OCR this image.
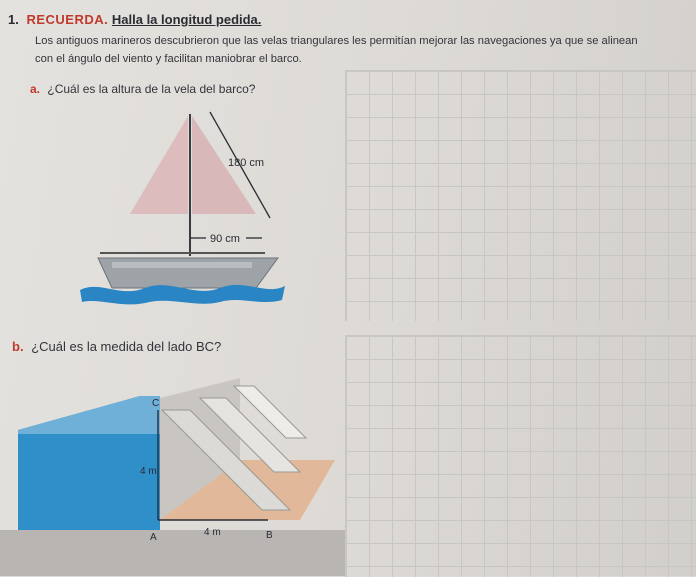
1. RECUERDA. Halla la longitud pedida.
Los antiguos marineros descubrieron que las velas triangulares les permitían mejorar las navegaciones ya que se alinean
con el ángulo del viento y facilitan maniobrar el barco.
a. ¿Cuál es la altura de la vela del barco?
180 cm
90 cm
b. ¿Cuál es la medida del lado BC?
C
4 m
A	4 m	B
